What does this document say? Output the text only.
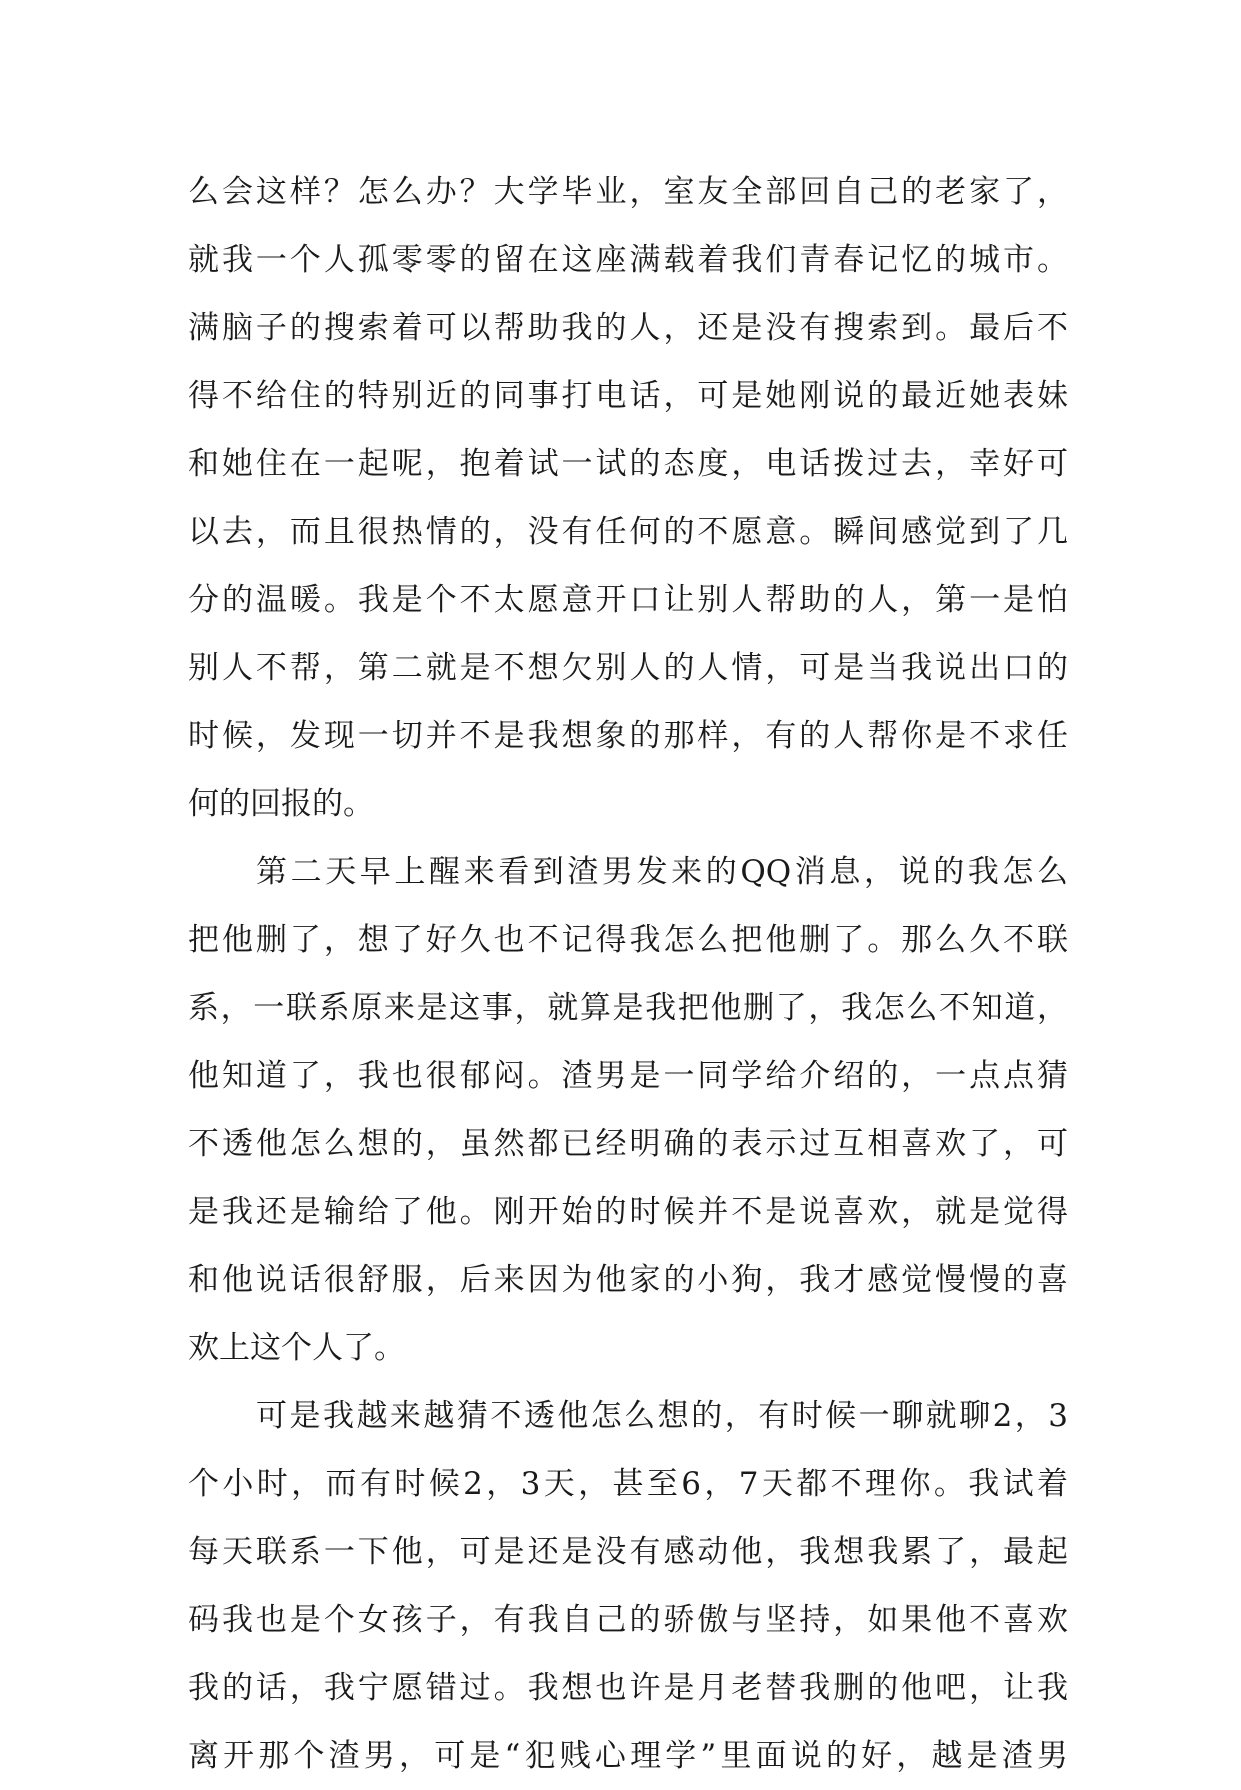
么会这样？怎么办？大学毕业，室友全部回自己的老家了，
就我一个人孤零零的留在这座满载着我们青春记忆的城市。
满脑子的搜索着可以帮助我的人，还是没有搜索到。最后不
得不给住的特别近的同事打电话，可是她刚说的最近她表妹
和她住在一起呢，抱着试一试的态度，电话拨过去，幸好可
以去，而且很热情的，没有任何的不愿意。瞬间感觉到了几
分的温暖。我是个不太愿意开口让别人帮助的人，第一是怕
别人不帮，第二就是不想欠别人的人情，可是当我说出口的
时候，发现一切并不是我想象的那样，有的人帮你是不求任
何的回报的。
第二天早上醒来看到渣男发来的QQ消息，说的我怎么
把他删了，想了好久也不记得我怎么把他删了。那么久不联
系，一联系原来是这事，就算是我把他删了，我怎么不知道，
他知道了，我也很郁闷。渣男是一同学给介绍的，一点点猜
不透他怎么想的，虽然都已经明确的表示过互相喜欢了，可
是我还是输给了他。刚开始的时候并不是说喜欢，就是觉得
和他说话很舒服，后来因为他家的小狗，我才感觉慢慢的喜
欢上这个人了。
可是我越来越猜不透他怎么想的，有时候一聊就聊2，3
个小时，而有时候2，3天，甚至6，7天都不理你。我试着
每天联系一下他，可是还是没有感动他，我想我累了，最起
码我也是个女孩子，有我自己的骄傲与坚持，如果他不喜欢
我的话，我宁愿错过。我想也许是月老替我删的他吧，让我
离开那个渣男，可是“犯贱心理学”里面说的好，越是渣男
